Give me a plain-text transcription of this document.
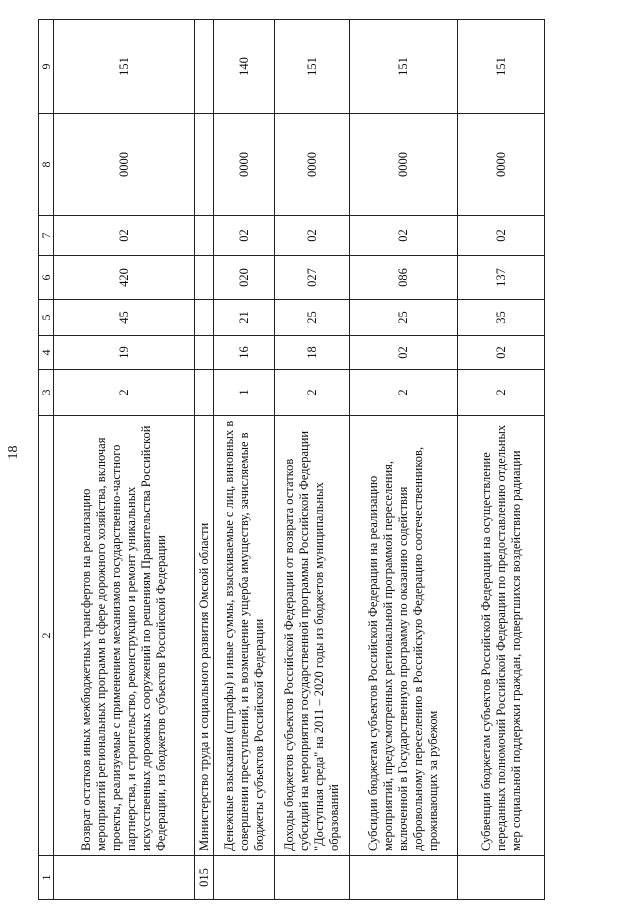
18
1	2	3	4	5	6	7	8	9
	Возврат остатков иных межбюджетных трансфертов на реализацию мероприятий региональных программ в сфере дорожного хозяйства, включая проекты, реализуемые с применением механизмов государственно-частного партнерства, и строительство, реконструкцию и ремонт уникальных искусственных дорожных сооружений по решениям Правительства Российской Федерации, из бюджетов субъектов Российской Федерации	2	19	45	420	02	0000	151
015	Министерство труда и социального развития Омской области							
	Денежные взыскания (штрафы) и иные суммы, взыскиваемые с лиц, виновных в совершении преступлений, и в возмещение ущерба имуществу, зачисляемые в бюджеты субъектов Российской Федерации	1	16	21	020	02	0000	140
	Доходы бюджетов субъектов Российской Федерации от возврата остатков субсидий на мероприятия государственной программы Российской Федерации "Доступная среда" на 2011 – 2020 годы из бюджетов муниципальных образований	2	18	25	027	02	0000	151
	Субсидии бюджетам субъектов Российской Федерации на реализацию мероприятий, предусмотренных региональной программой переселения, включенной в Государственную программу по оказанию содействия добровольному переселению в Российскую Федерацию соотечественников, проживающих за рубежом	2	02	25	086	02	0000	151
	Субвенции бюджетам субъектов Российской Федерации на осуществление переданных полномочий Российской Федерации по предоставлению отдельных мер социальной поддержки граждан, подвергшихся воздействию радиации	2	02	35	137	02	0000	151
